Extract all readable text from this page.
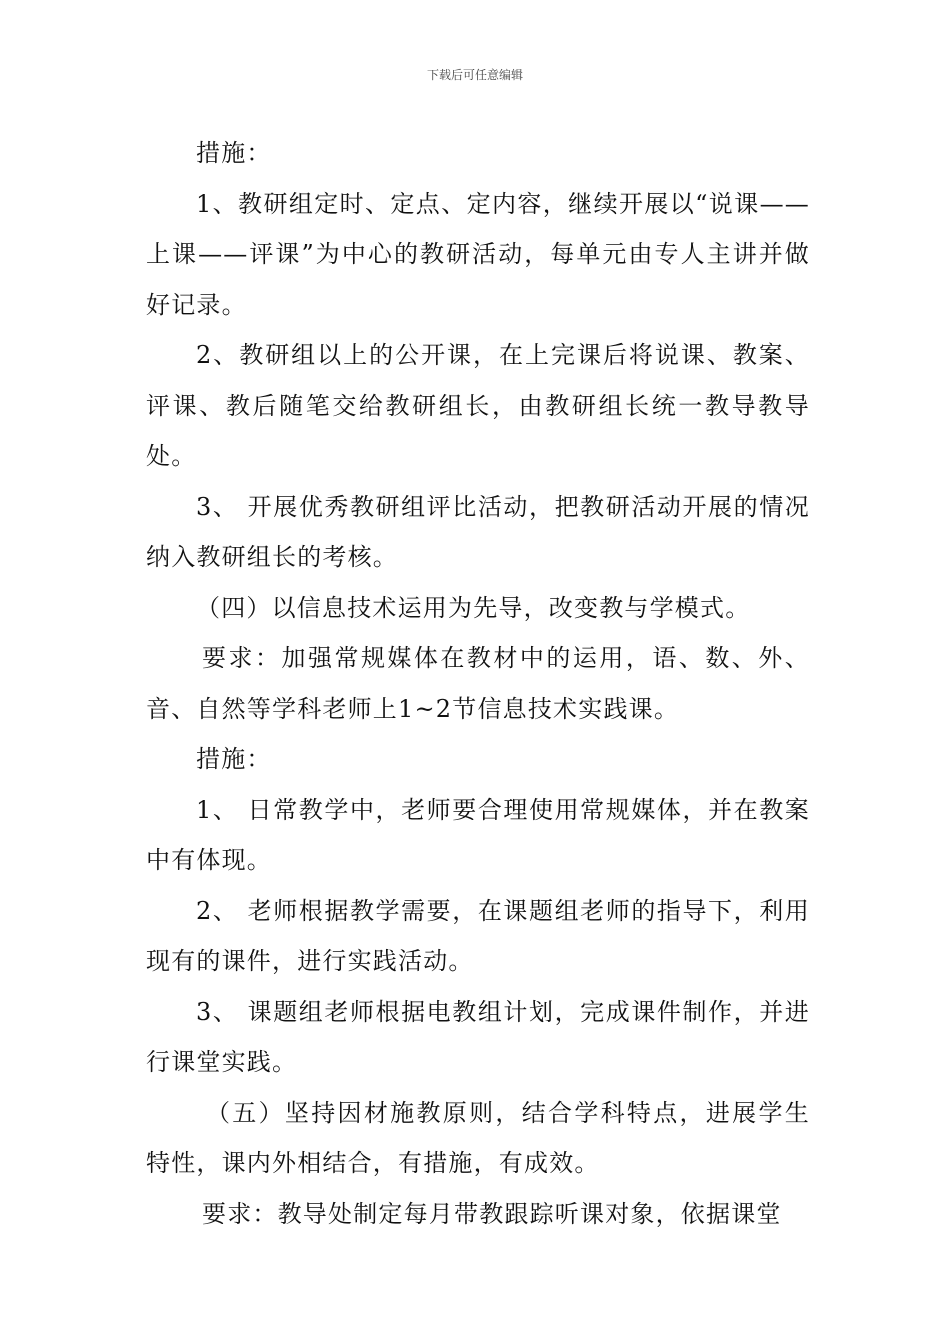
下载后可任意编辑

措施：

1、教研组定时、定点、定内容，继续开展以“说课——上课——评课”为中心的教研活动，每单元由专人主讲并做好记录。

2、教研组以上的公开课，在上完课后将说课、教案、评课、教后随笔交给教研组长，由教研组长统一教导教导处。

3、 开展优秀教研组评比活动，把教研活动开展的情况纳入教研组长的考核。

（四）以信息技术运用为先导，改变教与学模式。

要求：加强常规媒体在教材中的运用，语、数、外、音、自然等学科老师上1~2节信息技术实践课。

措施：

1、 日常教学中，老师要合理使用常规媒体，并在教案中有体现。

2、 老师根据教学需要，在课题组老师的指导下，利用现有的课件，进行实践活动。

3、 课题组老师根据电教组计划，完成课件制作，并进行课堂实践。

（五）坚持因材施教原则，结合学科特点，进展学生特性，课内外相结合，有措施，有成效。

要求：教导处制定每月带教跟踪听课对象，依据课堂
